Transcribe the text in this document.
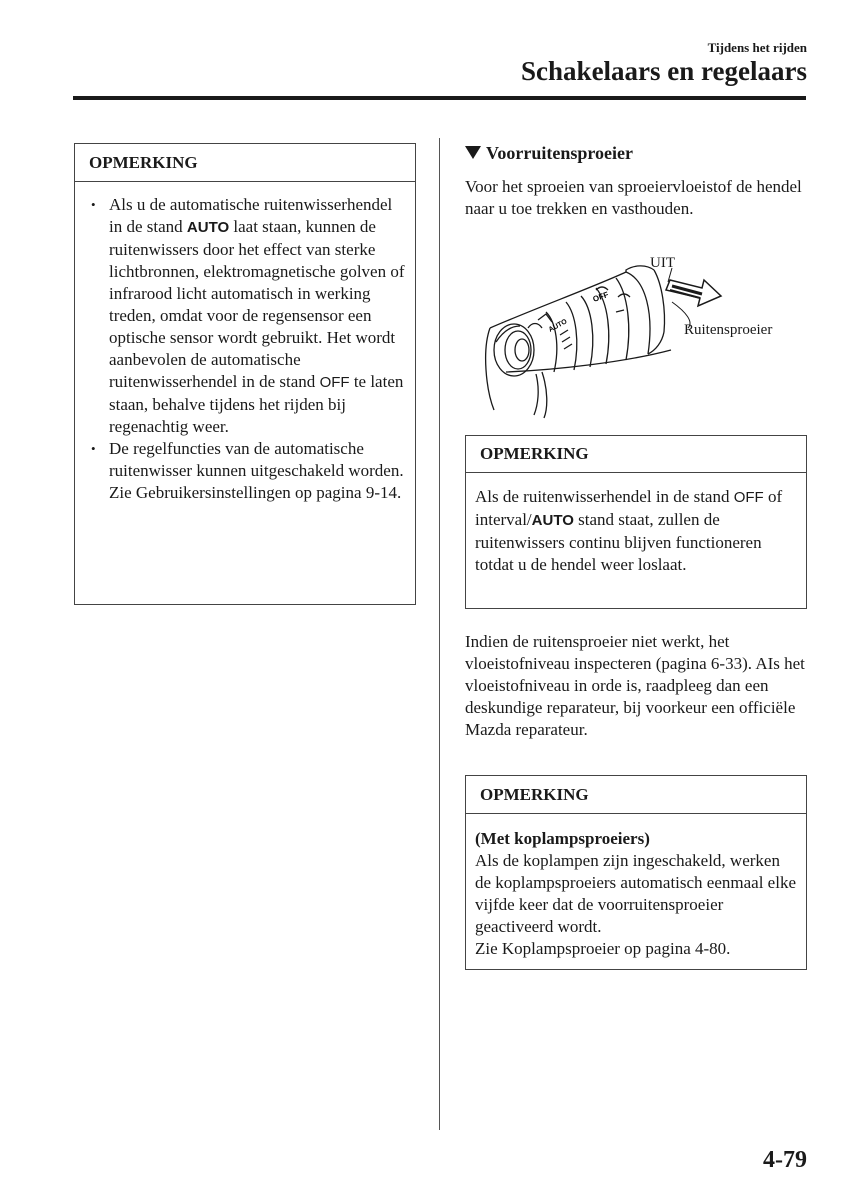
Tijdens het rijden
Schakelaars en regelaars
OPMERKING
• Als u de automatische ruitenwisserhendel in de stand AUTO laat staan, kunnen de ruitenwissers door het effect van sterke lichtbronnen, elektromagnetische golven of infrarood licht automatisch in werking treden, omdat voor de regensensor een optische sensor wordt gebruikt. Het wordt aanbevolen de automatische ruitenwisserhendel in de stand OFF te laten staan, behalve tijdens het rijden bij regenachtig weer.
• De regelfuncties van de automatische ruitenwisser kunnen uitgeschakeld worden.
Zie Gebruikersinstellingen op pagina 9-14.
Voorruitensproeier
Voor het sproeien van sproeiervloeistof de hendel naar u toe trekken en vasthouden.
OFF
AUTO
UIT
Ruitensproeier
OPMERKING
Als de ruitenwisserhendel in de stand OFF of interval/AUTO stand staat, zullen de ruitenwissers continu blijven functioneren totdat u de hendel weer loslaat.
Indien de ruitensproeier niet werkt, het vloeistofniveau inspecteren (pagina 6-33). AIs het vloeistofniveau in orde is, raadpleeg dan een deskundige reparateur, bij voorkeur een officiële Mazda reparateur.
OPMERKING
(Met koplampsproeiers)
Als de koplampen zijn ingeschakeld, werken de koplampsproeiers automatisch eenmaal elke vijfde keer dat de voorruitensproeier geactiveerd wordt.
Zie Koplampsproeier op pagina 4-80.
4-79
